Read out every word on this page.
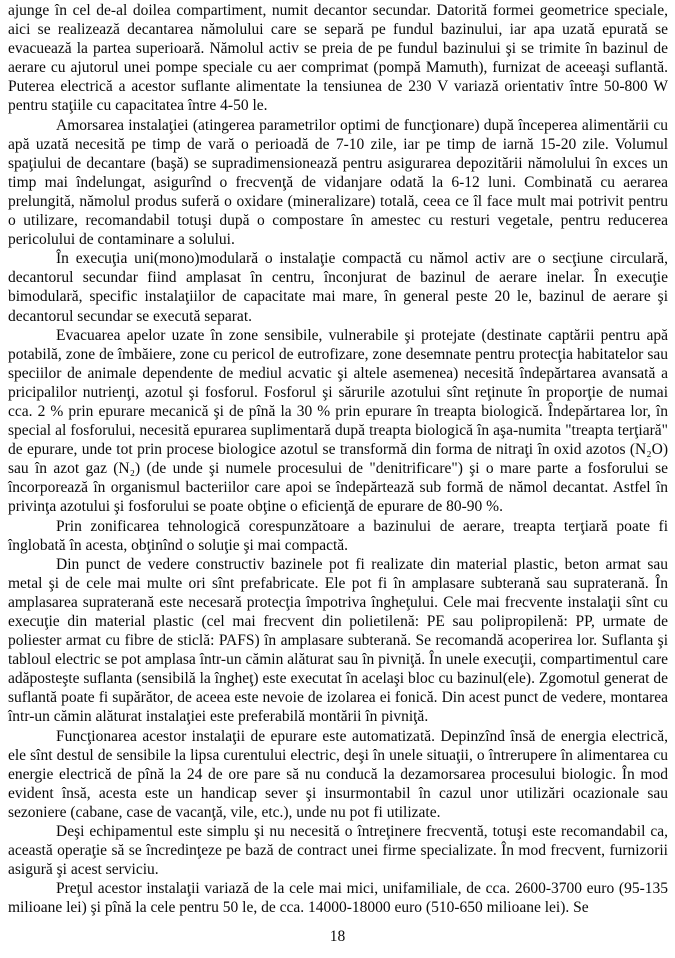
ajunge în cel de-al doilea compartiment, numit decantor secundar. Datorită formei geometrice speciale, aici se realizează decantarea nămolului care se separă pe fundul bazinului, iar apa uzată epurată se evacuează la partea superioară. Nămolul activ se preia de pe fundul bazinului şi se trimite în bazinul de aerare cu ajutorul unei pompe speciale cu aer comprimat (pompă Mamuth), furnizat de aceeaşi suflantă. Puterea electrică a acestor suflante alimentate la tensiunea de 230 V variază orientativ între 50-800 W pentru staţiile cu capacitatea între 4-50 le.

Amorsarea instalaţiei (atingerea parametrilor optimi de funcţionare) după începerea alimentării cu apă uzată necesită pe timp de vară o perioadă de 7-10 zile, iar pe timp de iarnă 15-20 zile. Volumul spaţiului de decantare (başă) se supradimensionează pentru asigurarea depozitării nămolului în exces un timp mai îndelungat, asigurînd o frecvenţă de vidanjare odată la 6-12 luni. Combinată cu aerarea prelungită, nămolul produs suferă o oxidare (mineralizare) totală, ceea ce îl face mult mai potrivit pentru o utilizare, recomandabil totuşi după o compostare în amestec cu resturi vegetale, pentru reducerea pericolului de contaminare a solului.

În execuţia uni(mono)modulară o instalaţie compactă cu nămol activ are o secţiune circulară, decantorul secundar fiind amplasat în centru, înconjurat de bazinul de aerare inelar. În execuţie bimodulară, specific instalaţiilor de capacitate mai mare, în general peste 20 le, bazinul de aerare şi decantorul secundar se execută separat.

Evacuarea apelor uzate în zone sensibile, vulnerabile şi protejate (destinate captării pentru apă potabilă, zone de îmbăiere, zone cu pericol de eutrofizare, zone desemnate pentru protecţia habitatelor sau speciilor de animale dependente de mediul acvatic şi altele asemenea) necesită îndepărtarea avansată a pricipalilor nutrienţi, azotul şi fosforul. Fosforul şi sărurile azotului sînt reţinute în proporţie de numai cca. 2 % prin epurare mecanică şi de pînă la 30 % prin epurare în treapta biologică. Îndepărtarea lor, în special al fosforului, necesită epurarea suplimentară după treapta biologică în aşa-numita "treapta terţiară" de epurare, unde tot prin procese biologice azotul se transformă din forma de nitraţi în oxid azotos (N₂O) sau în azot gaz (N₂) (de unde şi numele procesului de "denitrificare") şi o mare parte a fosforului se încorporează în organismul bacteriilor care apoi se îndepărtează sub formă de nămol decantat. Astfel în privinţa azotului şi fosforului se poate obţine o eficienţă de epurare de 80-90 %.

Prin zonificarea tehnologică corespunzătoare a bazinului de aerare, treapta terţiară poate fi înglobată în acesta, obţinînd o soluţie şi mai compactă.

Din punct de vedere constructiv bazinele pot fi realizate din material plastic, beton armat sau metal şi de cele mai multe ori sînt prefabricate. Ele pot fi în amplasare subterană sau supraterană. În amplasarea supraterană este necesară protecţia împotriva îngheţului. Cele mai frecvente instalaţii sînt cu execuţie din material plastic (cel mai frecvent din polietilenă: PE sau polipropilenă: PP, urmate de poliester armat cu fibre de sticlă: PAFS) în amplasare subterană. Se recomandă acoperirea lor. Suflanta şi tabloul electric se pot amplasa într-un cămin alăturat sau în pivniţă. În unele execuţii, compartimentul care adăposteşte suflanta (sensibilă la îngheţ) este executat în acelaşi bloc cu bazinul(ele). Zgomotul generat de suflantă poate fi supărător, de aceea este nevoie de izolarea ei fonică. Din acest punct de vedere, montarea într-un cămin alăturat instalaţiei este preferabilă montării în pivniţă.

Funcţionarea acestor instalaţii de epurare este automatizată. Depinzînd însă de energia electrică, ele sînt destul de sensibile la lipsa curentului electric, deşi în unele situaţii, o întrerupere în alimentarea cu energie electrică de pînă la 24 de ore pare să nu conducă la dezamorsarea procesului biologic. În mod evident însă, acesta este un handicap sever şi insurmontabil în cazul unor utilizări ocazionale sau sezoniere (cabane, case de vacanţă, vile, etc.), unde nu pot fi utilizate.

Deşi echipamentul este simplu şi nu necesită o întreţinere frecventă, totuşi este recomandabil ca, această operaţie să se încredinţeze pe bază de contract unei firme specializate. În mod frecvent, furnizorii asigură şi acest serviciu.

Preţul acestor instalaţii variază de la cele mai mici, unifamiliale, de cca. 2600-3700 euro (95-135 milioane lei) şi pînă la cele pentru 50 le, de cca. 14000-18000 euro (510-650 milioane lei). Se

18
